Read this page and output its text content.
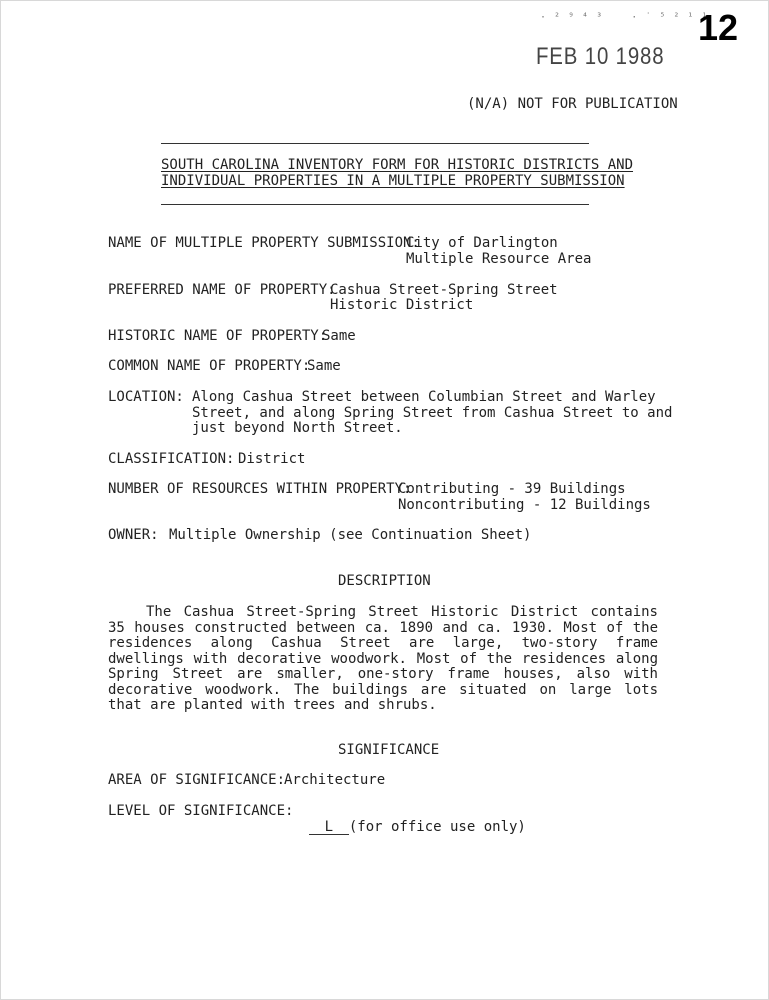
12
· ² ⁹ ⁴ ³    · ˙ ⁵ ² ¹ ¹
FEB 10 1988
(N/A) NOT FOR PUBLICATION
SOUTH CAROLINA INVENTORY FORM FOR HISTORIC DISTRICTS AND
INDIVIDUAL PROPERTIES IN A MULTIPLE PROPERTY SUBMISSION
NAME OF MULTIPLE PROPERTY SUBMISSION:
City of Darlington
Multiple Resource Area
PREFERRED NAME OF PROPERTY:
Cashua Street-Spring Street
Historic District
HISTORIC NAME OF PROPERTY:
Same
COMMON NAME OF PROPERTY:
Same
LOCATION: Along Cashua Street between Columbian Street and Warley
Street, and along Spring Street from Cashua Street to and
just beyond North Street.
CLASSIFICATION: District
NUMBER OF RESOURCES WITHIN PROPERTY:
Contributing - 39 Buildings
Noncontributing - 12 Buildings
OWNER: Multiple Ownership (see Continuation Sheet)
DESCRIPTION
The Cashua Street-Spring Street Historic District contains 35 houses constructed between ca. 1890 and ca. 1930. Most of the residences along Cashua Street are large, two-story frame dwellings with decorative woodwork. Most of the residences along Spring Street are smaller, one-story frame houses, also with decorative woodwork. The buildings are situated on large lots that are planted with trees and shrubs.
SIGNIFICANCE
AREA OF SIGNIFICANCE:
Architecture
LEVEL OF SIGNIFICANCE:

L (for office use only)
